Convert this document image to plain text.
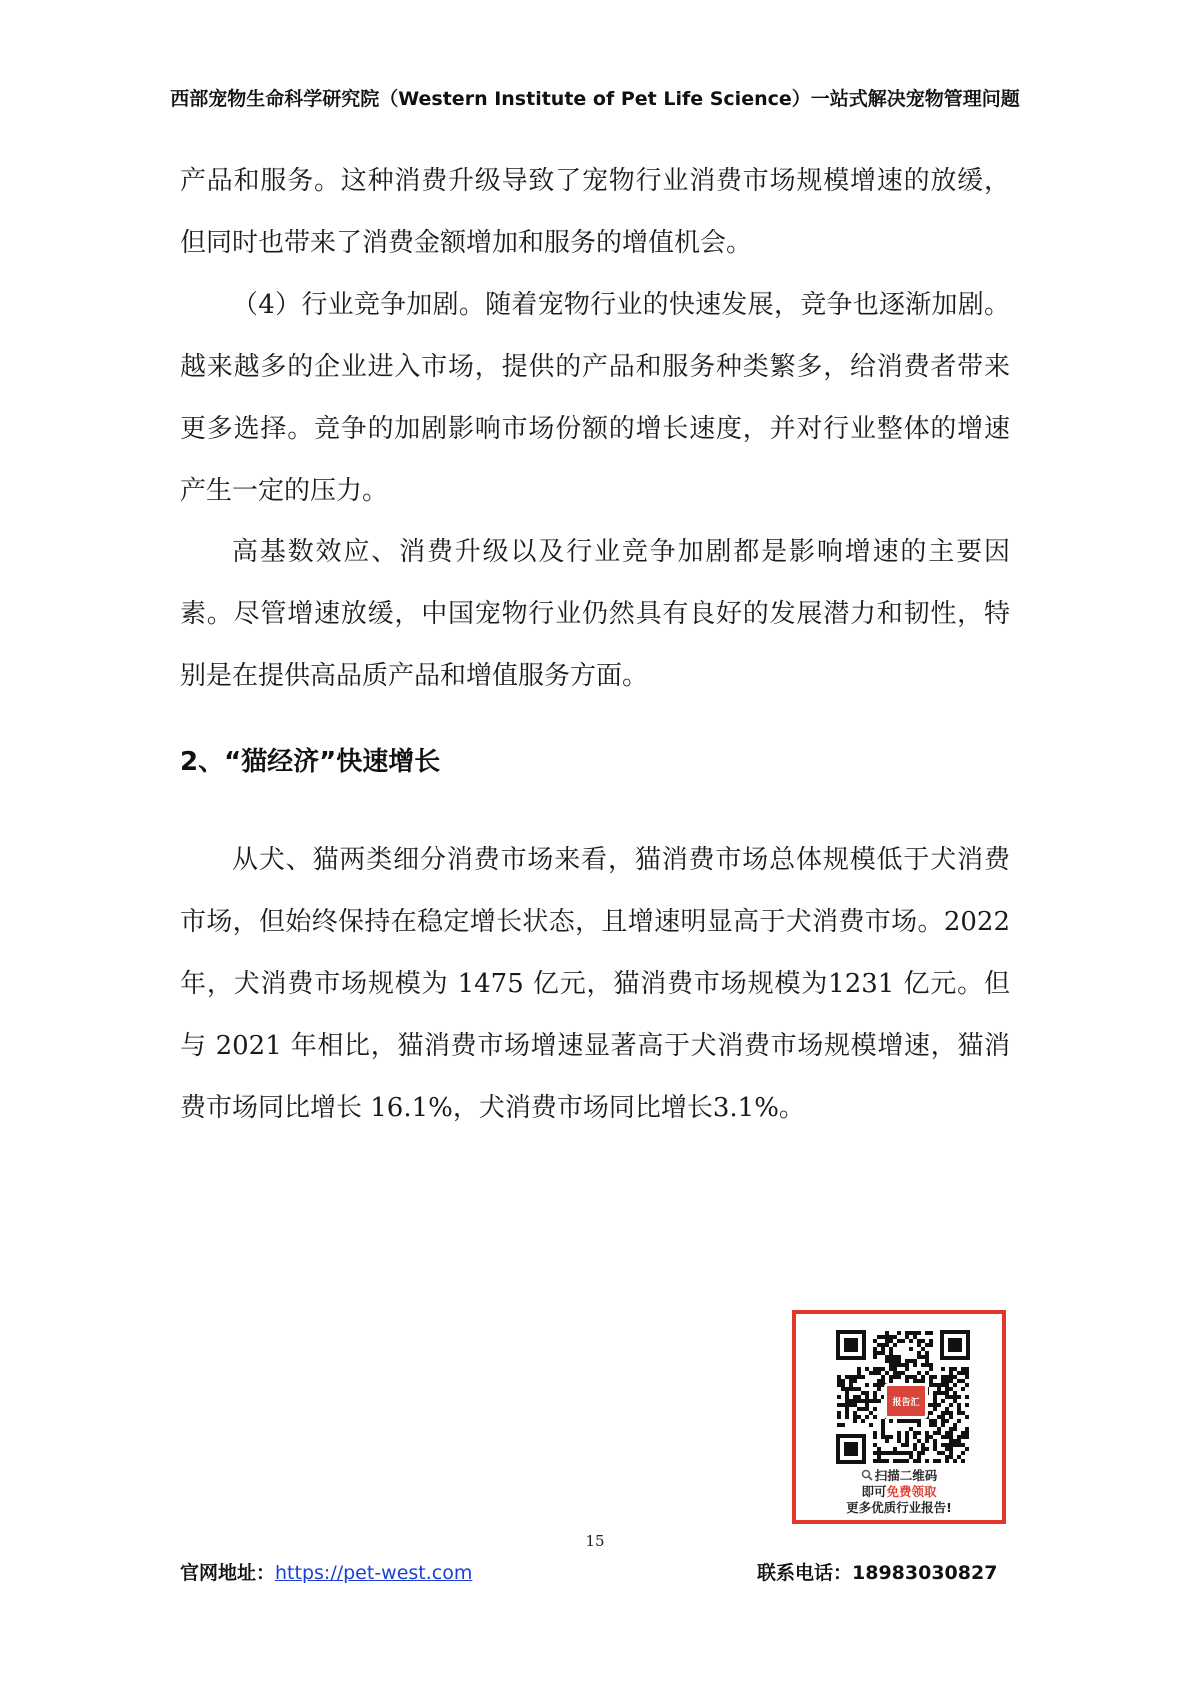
西部宠物生命科学研究院（Western Institute of Pet Life Science）一站式解决宠物管理问题

产品和服务。这种消费升级导致了宠物行业消费市场规模增速的放缓，但同时也带来了消费金额增加和服务的增值机会。

（4）行业竞争加剧。随着宠物行业的快速发展，竞争也逐渐加剧。越来越多的企业进入市场，提供的产品和服务种类繁多，给消费者带来更多选择。竞争的加剧影响市场份额的增长速度，并对行业整体的增速产生一定的压力。

高基数效应、消费升级以及行业竞争加剧都是影响增速的主要因素。尽管增速放缓，中国宠物行业仍然具有良好的发展潜力和韧性，特别是在提供高品质产品和增值服务方面。

2、“猫经济”快速增长

从犬、猫两类细分消费市场来看，猫消费市场总体规模低于犬消费市场，但始终保持在稳定增长状态，且增速明显高于犬消费市场。2022 年，犬消费市场规模为 1475 亿元，猫消费市场规模为1231 亿元。但与 2021 年相比，猫消费市场增速显著高于犬消费市场规模增速，猫消费市场同比增长 16.1%，犬消费市场同比增长3.1%。

报告汇
扫描二维码
即可免费领取
更多优质行业报告!
15
官网地址：https://pet-west.com	联系电话：18983030827
